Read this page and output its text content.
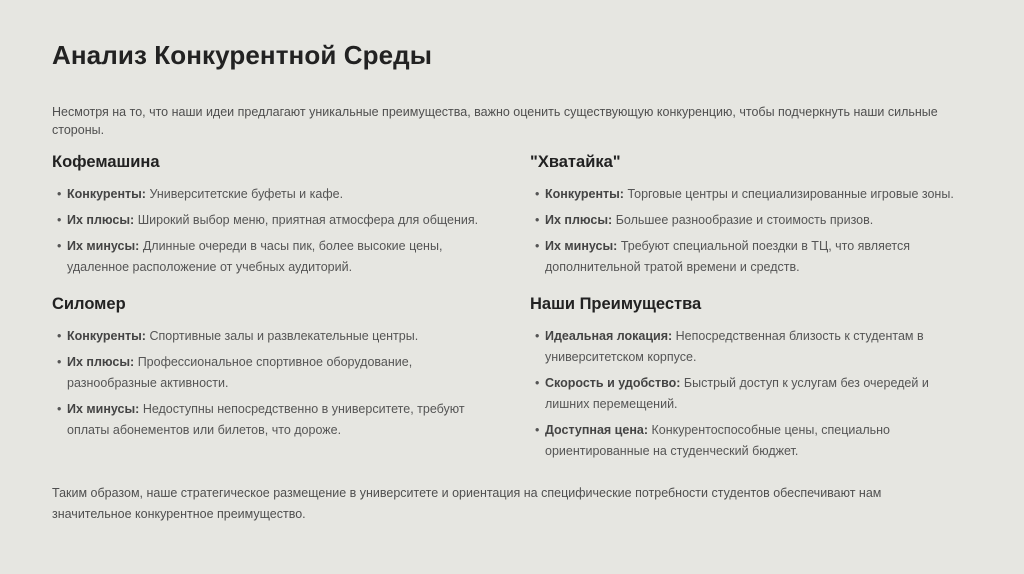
Анализ Конкурентной Среды
Несмотря на то, что наши идеи предлагают уникальные преимущества, важно оценить существующую конкуренцию, чтобы подчеркнуть наши сильные стороны.
Кофемашина
• Конкуренты: Университетские буфеты и кафе.
• Их плюсы: Широкий выбор меню, приятная атмосфера для общения.
• Их минусы: Длинные очереди в часы пик, более высокие цены, удаленное расположение от учебных аудиторий.
"Хватайка"
• Конкуренты: Торговые центры и специализированные игровые зоны.
• Их плюсы: Большее разнообразие и стоимость призов.
• Их минусы: Требуют специальной поездки в ТЦ, что является дополнительной тратой времени и средств.
Силомер
• Конкуренты: Спортивные залы и развлекательные центры.
• Их плюсы: Профессиональное спортивное оборудование, разнообразные активности.
• Их минусы: Недоступны непосредственно в университете, требуют оплаты абонементов или билетов, что дороже.
Наши Преимущества
• Идеальная локация: Непосредственная близость к студентам в университетском корпусе.
• Скорость и удобство: Быстрый доступ к услугам без очередей и лишних перемещений.
• Доступная цена: Конкурентоспособные цены, специально ориентированные на студенческий бюджет.
Таким образом, наше стратегическое размещение в университете и ориентация на специфические потребности студентов обеспечивают нам значительное конкурентное преимущество.
